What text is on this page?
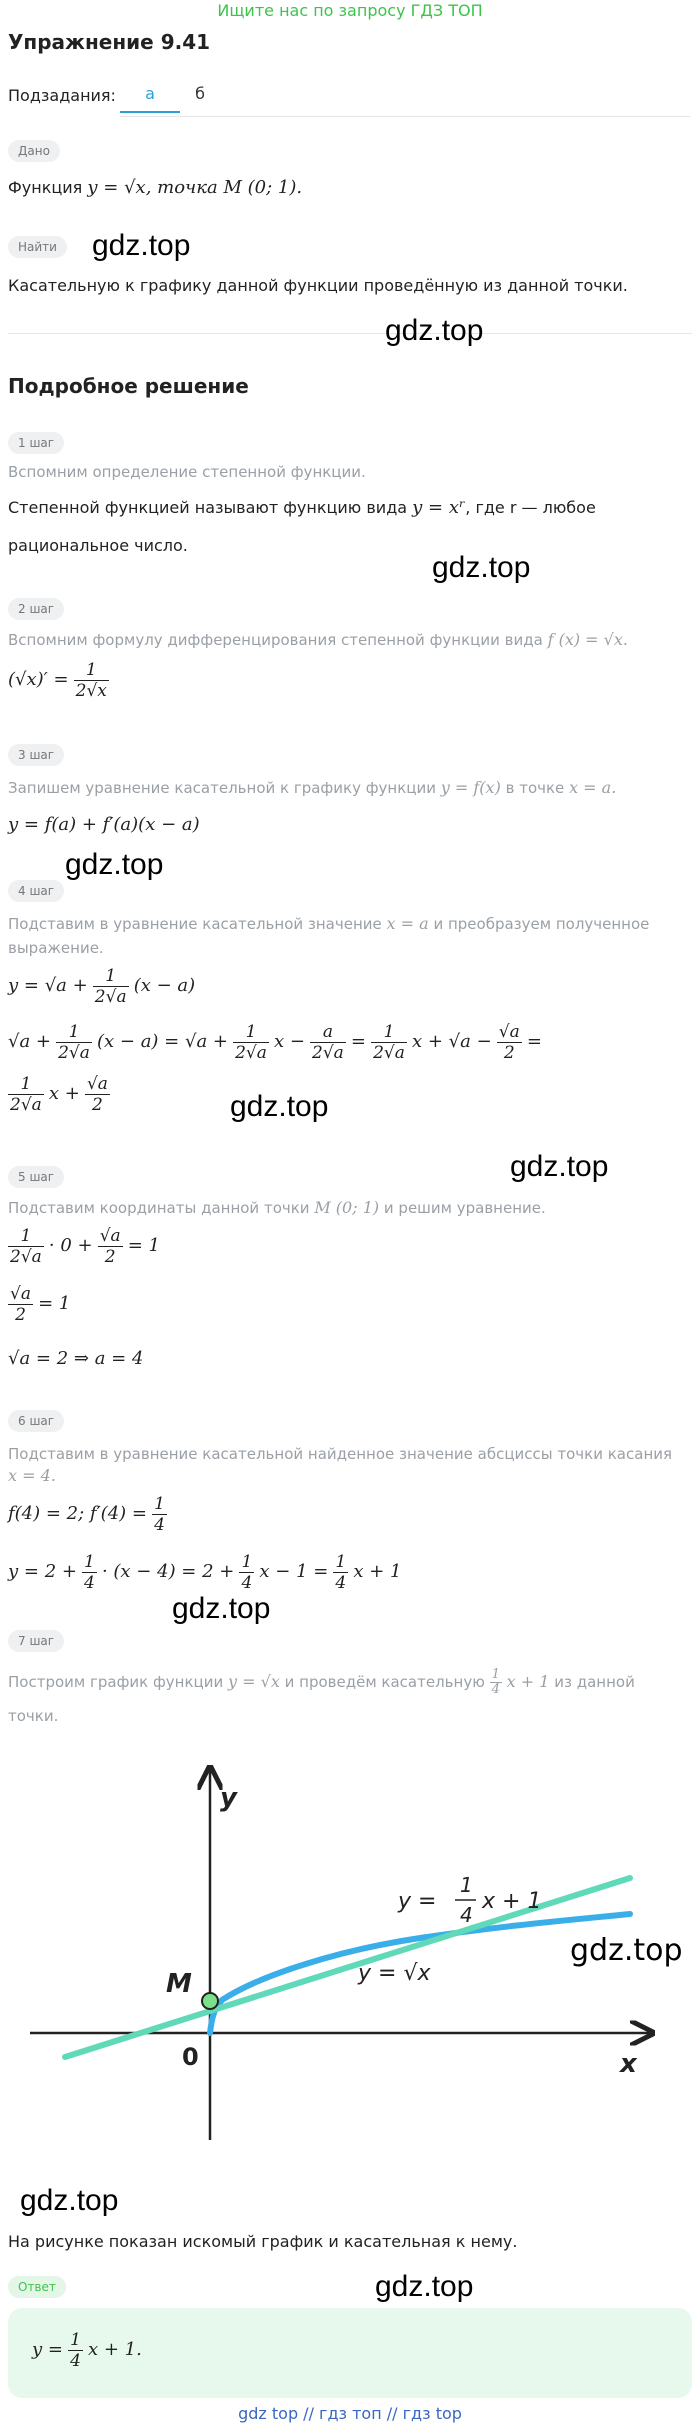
Ищите нас по запросу ГДЗ ТОП
Упражнение 9.41
Подзадания:	а	б
Дано
Функция y = √x, точка M (0; 1).
Найти	gdz.top
Касательную к графику данной функции проведённую из данной точки.
gdz.top
Подробное решение
1 шаг
Вспомним определение степенной функции.
Степенной функцией называют функцию вида y = xʳ, где r — любое
рациональное число.
gdz.top
2 шаг
Вспомним формулу дифференцирования степенной функции вида f (x) = √x.
$(√x)' = \frac{1}{2√x}$
3 шаг
Запишем уравнение касательной к графику функции y = f(x) в точке x = a.
y = f(a) + f′(a)(x − a)
gdz.top
4 шаг
Подставим в уравнение касательной значение x = a и преобразуем полученное
выражение.
$y = √a + \frac{1}{2√a} (x - a)$
$√a + \frac{1}{2√a} (x - a) = √a + \frac{1}{2√a}$ $x - \frac{a}{2√a} = \frac{1}{2√a}$ $x + √a - \frac{√a}{2}$ =
$\frac{1}{2√a}$ $x + \frac{√a}{2}$	gdz.top
gdz.top
5 шаг
Подставим координаты данной точки M (0; 1) и решим уравнение.
$\frac{1}{2√a} \cdot 0 + \frac{√a}{2} = 1$
$\frac{√a}{2} = 1$
√a = 2 ⇒ a = 4
6 шаг
Подставим в уравнение касательной найденное значение абсциссы точки касания
x = 4.
f(4) = 2; $f'(4) = \frac{1}{4}$
$y = 2 + \frac{1}{4} \cdot (x - 4) = 2 + \frac{1}{4}$ $x - 1 = \frac{1}{4}$ x + 1
gdz.top
7 шаг
Построим график функции y = √x и проведём касательную $\frac{1}{4}$ x + 1 из данной
точки.
y
x
0
M
y =
1
4
x + 1
y = √x
gdz.top
gdz.top
На рисунке показан искомый график и касательная к нему.
gdz.top
Ответ
$y = \frac{1}{4}$ x + 1.
gdz top // гдз топ // гдз top
